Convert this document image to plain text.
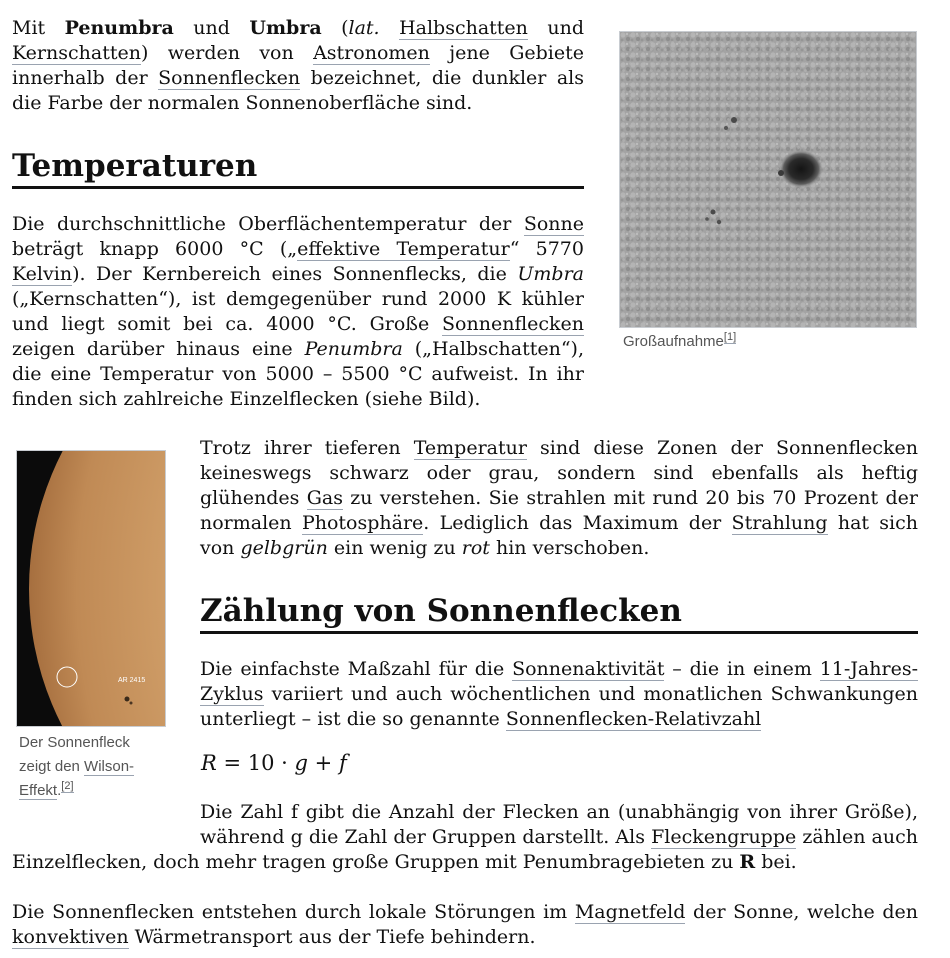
Mit Penumbra und Umbra (lat. Halbschatten und Kernschatten) werden von Astronomen jene Gebiete innerhalb der Sonnenflecken bezeichnet, die dunkler als die Farbe der normalen Sonnenoberfläche sind.

Temperaturen

Die durchschnittliche Oberflächentemperatur der Sonne beträgt knapp 6000 °C („effektive Temperatur“ 5770 Kelvin). Der Kernbereich eines Sonnenflecks, die Umbra („Kernschatten“), ist demgegenüber rund 2000 K kühler und liegt somit bei ca. 4000 °C. Große Sonnenflecken zeigen darüber hinaus eine Penumbra („Halbschatten“), die eine Temperatur von 5000 – 5500 °C aufweist. In ihr finden sich zahlreiche Einzelflecken (siehe Bild).

Großaufnahme[1]
AR 2415
Der Sonnenfleck zeigt den Wilson-Effekt.[2]

Trotz ihrer tieferen Temperatur sind diese Zonen der Sonnenflecken keineswegs schwarz oder grau, sondern sind ebenfalls als heftig glühendes Gas zu verstehen. Sie strahlen mit rund 20 bis 70 Prozent der normalen Photosphäre. Lediglich das Maximum der Strahlung hat sich von gelbgrün ein wenig zu rot hin verschoben.

Zählung von Sonnenflecken

Die einfachste Maßzahl für die Sonnenaktivität – die in einem 11-Jahres-Zyklus variiert und auch wöchentlichen und monatlichen Schwankungen unterliegt – ist die so genannte Sonnenflecken-Relativzahl

R = 10 · g + f

Die Zahl f gibt die Anzahl der Flecken an (unabhängig von ihrer Größe), während g die Zahl der Gruppen darstellt. Als Fleckengruppe zählen auch Einzelflecken, doch mehr tragen große Gruppen mit Penumbragebieten zu R bei.

Die Sonnenflecken entstehen durch lokale Störungen im Magnetfeld der Sonne, welche den konvektiven Wärmetransport aus der Tiefe behindern.
